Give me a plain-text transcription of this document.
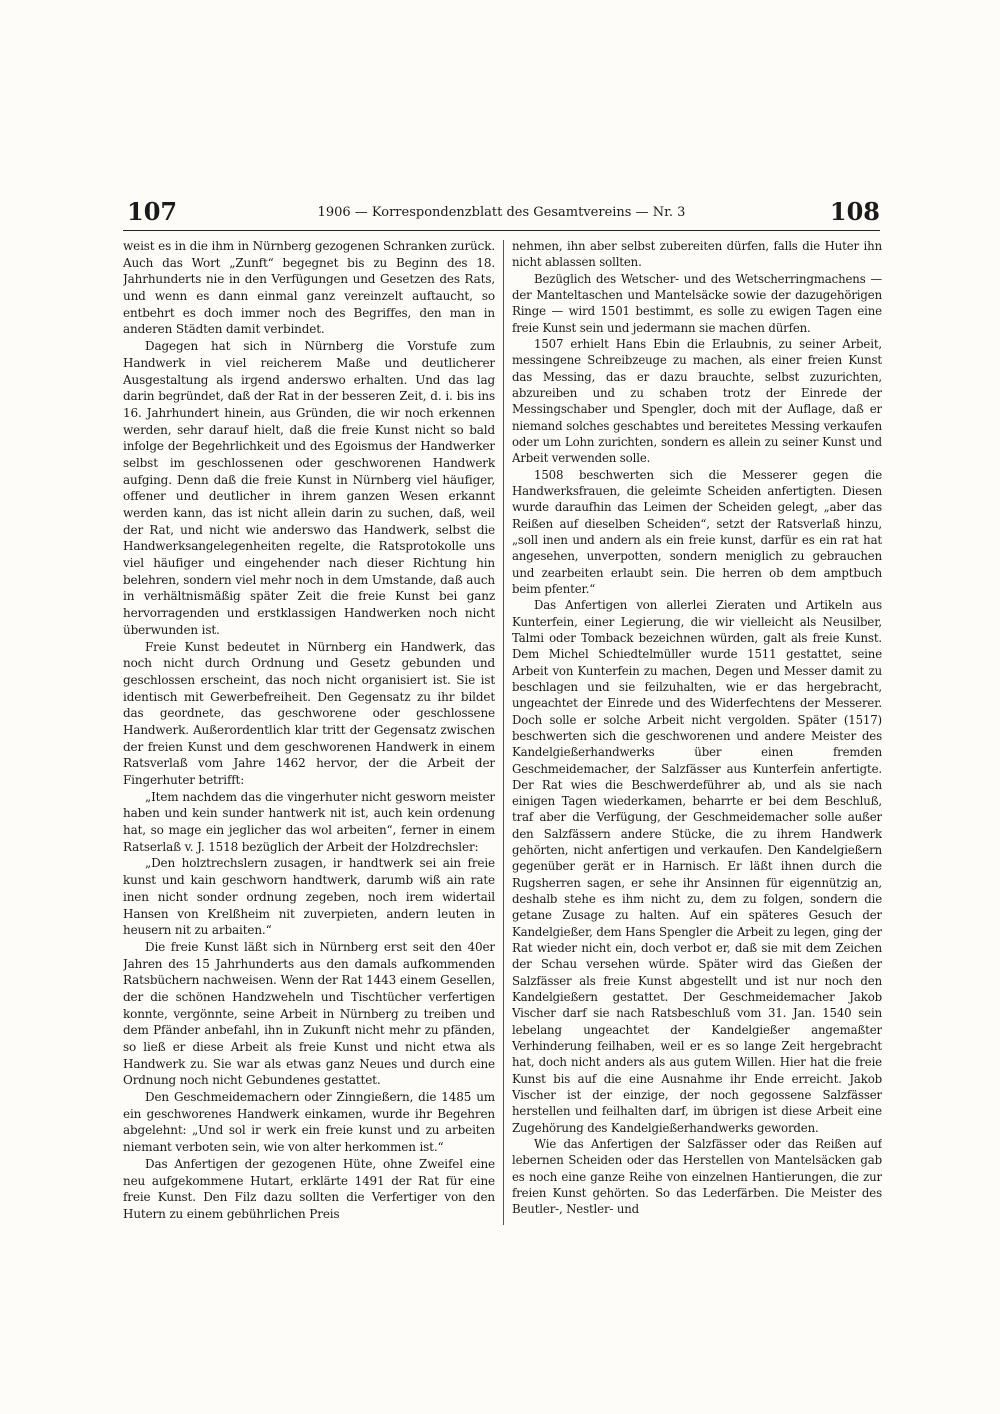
107	1906 — Korrespondenzblatt des Gesamtvereins — Nr. 3	108

weist es in die ihm in Nürnberg gezogenen Schranken zurück. Auch das Wort „Zunft“ begegnet bis zu Beginn des 18. Jahrhunderts nie in den Verfügungen und Gesetzen des Rats, und wenn es dann einmal ganz vereinzelt auftaucht, so entbehrt es doch immer noch des Begriffes, den man in anderen Städten damit verbindet.

Dagegen hat sich in Nürnberg die Vorstufe zum Handwerk in viel reicherem Maße und deutlicherer Ausgestaltung als irgend anderswo erhalten. Und das lag darin begründet, daß der Rat in der besseren Zeit, d. i. bis ins 16. Jahrhundert hinein, aus Gründen, die wir noch erkennen werden, sehr darauf hielt, daß die freie Kunst nicht so bald infolge der Begehrlichkeit und des Egoismus der Handwerker selbst im geschlossenen oder geschworenen Handwerk aufging. Denn daß die freie Kunst in Nürnberg viel häufiger, offener und deutlicher in ihrem ganzen Wesen erkannt werden kann, das ist nicht allein darin zu suchen, daß, weil der Rat, und nicht wie anderswo das Handwerk, selbst die Handwerksangelegenheiten regelte, die Ratsprotokolle uns viel häufiger und eingehender nach dieser Richtung hin belehren, sondern viel mehr noch in dem Umstande, daß auch in verhältnismäßig später Zeit die freie Kunst bei ganz hervorragenden und erstklassigen Handwerken noch nicht überwunden ist.

Freie Kunst bedeutet in Nürnberg ein Handwerk, das noch nicht durch Ordnung und Gesetz gebunden und geschlossen erscheint, das noch nicht organisiert ist. Sie ist identisch mit Gewerbefreiheit. Den Gegensatz zu ihr bildet das geordnete, das geschworene oder geschlossene Handwerk. Außerordentlich klar tritt der Gegensatz zwischen der freien Kunst und dem geschworenen Handwerk in einem Ratsverlaß vom Jahre 1462 hervor, der die Arbeit der Fingerhuter betrifft:

„Item nachdem das die vingerhuter nicht geswοrn meister haben und kein sunder hantwerk nit ist, auch kein ordenung hat, so mage ein jeglicher das wol arbeiten“, ferner in einem Ratserlaß v. J. 1518 bezüglich der Arbeit der Holzdrechsler:

„Den holztrechslern zusagen, ir handtwerk sei ain freie kunst und kain geschworn handtwerk, darumb wiß ain rate inen nicht sonder ordnung zegeben, noch irem widertail Hansen von Krelßheim nit zuverpieten, andern leuten in heusern nit zu arbaiten.“

Die freie Kunst läßt sich in Nürnberg erst seit den 40er Jahren des 15 Jahrhunderts aus den damals aufkommenden Ratsbüchern nachweisen. Wenn der Rat 1443 einem Gesellen, der die schönen Handzweheln und Tischtücher verfertigen konnte, vergönnte, seine Arbeit in Nürnberg zu treiben und dem Pfänder anbefahl, ihn in Zukunft nicht mehr zu pfänden, so ließ er diese Arbeit als freie Kunst und nicht etwa als Handwerk zu. Sie war als etwas ganz Neues und durch eine Ordnung noch nicht Gebundenes gestattet.

Den Geschmeidemachern oder Zinngießern, die 1485 um ein geschworenes Handwerk einkamen, wurde ihr Begehren abgelehnt: „Und sol ir werk ein freie kunst und zu arbeiten niemant verboten sein, wie von alter herkommen ist.“

Das Anfertigen der gezogenen Hüte, ohne Zweifel eine neu aufgekommene Hutart, erklärte 1491 der Rat für eine freie Kunst. Den Filz dazu sollten die Verfertiger von den Hutern zu einem gebührlichen Preis

nehmen, ihn aber selbst zubereiten dürfen, falls die Huter ihn nicht ablassen sollten.

Bezüglich des Wetscher- und des Wetscherringmachens — der Manteltaschen und Mantelsäcke sowie der dazugehörigen Ringe — wird 1501 bestimmt, es solle zu ewigen Tagen eine freie Kunst sein und jedermann sie machen dürfen.

1507 erhielt Hans Ebin die Erlaubnis, zu seiner Arbeit, messingene Schreibzeuge zu machen, als einer freien Kunst das Messing, das er dazu brauchte, selbst zuzurichten, abzureiben und zu schaben trotz der Einrede der Messingschaber und Spengler, doch mit der Auflage, daß er niemand solches geschabtes und bereitetes Messing verkaufen oder um Lohn zurichten, sondern es allein zu seiner Kunst und Arbeit verwenden solle.

1508 beschwerten sich die Messerer gegen die Handwerksfrauen, die geleimte Scheiden anfertigten. Diesen wurde daraufhin das Leimen der Scheiden gelegt, „aber das Reißen auf dieselben Scheiden“, setzt der Ratsverlaß hinzu, „soll inen und andern als ein freie kunst, darfür es ein rat hat angesehen, unverpotten, sondern meniglich zu gebrauchen und zearbeiten erlaubt sein. Die herren ob dem amptbuch beim pfenter.“

Das Anfertigen von allerlei Zieraten und Artikeln aus Kunterfein, einer Legierung, die wir vielleicht als Neusilber, Talmi oder Tomback bezeichnen würden, galt als freie Kunst. Dem Michel Schiedtelmüller wurde 1511 gestattet, seine Arbeit von Kunterfein zu machen, Degen und Messer damit zu beschlagen und sie feilzuhalten, wie er das hergebracht, ungeachtet der Einrede und des Widerfechtens der Messerer. Doch solle er solche Arbeit nicht vergolden. Später (1517) beschwerten sich die geschworenen und andere Meister des Kandelgießerhandwerks über einen fremden Geschmeidemacher, der Salzfässer aus Kunterfein anfertigte. Der Rat wies die Beschwerdeführer ab, und als sie nach einigen Tagen wiederkamen, beharrte er bei dem Beschluß, traf aber die Verfügung, der Geschmeidemacher solle außer den Salzfässern andere Stücke, die zu ihrem Handwerk gehörten, nicht anfertigen und verkaufen. Den Kandelgießern gegenüber gerät er in Harnisch. Er läßt ihnen durch die Rugsherren sagen, er sehe ihr Ansinnen für eigennützig an, deshalb stehe es ihm nicht zu, dem zu folgen, sondern die getane Zusage zu halten. Auf ein späteres Gesuch der Kandelgießer, dem Hans Spengler die Arbeit zu legen, ging der Rat wieder nicht ein, doch verbot er, daß sie mit dem Zeichen der Schau versehen würde. Später wird das Gießen der Salzfässer als freie Kunst abgestellt und ist nur noch den Kandelgießern gestattet. Der Geschmeidemacher Jakob Vischer darf sie nach Ratsbeschluß vom 31. Jan. 1540 sein lebelang ungeachtet der Kandelgießer angemaßter Verhinderung feilhaben, weil er es so lange Zeit hergebracht hat, doch nicht anders als aus gutem Willen. Hier hat die freie Kunst bis auf die eine Ausnahme ihr Ende erreicht. Jakob Vischer ist der einzige, der noch gegossene Salzfässer herstellen und feilhalten darf, im übrigen ist diese Arbeit eine Zugehörung des Kandelgießerhandwerks geworden.

Wie das Anfertigen der Salzfässer oder das Reißen auf lebernen Scheiden oder das Herstellen von Mantelsäcken gab es noch eine ganze Reihe von einzelnen Hantierungen, die zur freien Kunst gehörten. So das Lederfärben. Die Meister des Beutler-, Nestler- und
